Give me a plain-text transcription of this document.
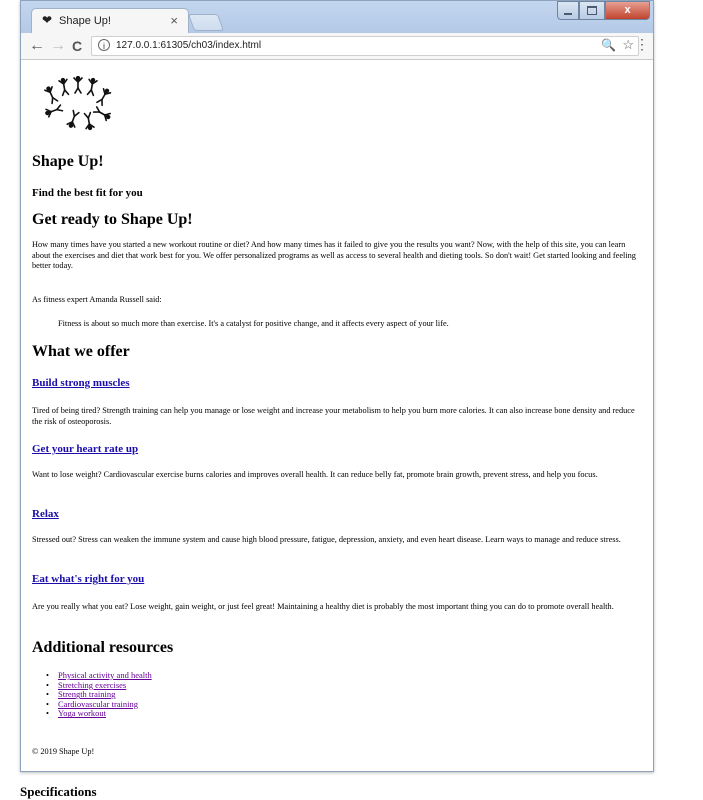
❤ Shape Up!	×
x
← → C	i	127.0.0.1:61305/ch03/index.html	🔍 ☆ ⋮
Shape Up!
Find the best fit for you
Get ready to Shape Up!

How many times have you started a new workout routine or diet? And how many times has it failed to give you the results you want? Now, with the help of this site, you can learn about the exercises and diet that work best for you. We offer personalized programs as well as access to several health and dieting tools. So don't wait! Get started looking and feeling better today.

As fitness expert Amanda Russell said:

Fitness is about so much more than exercise. It's a catalyst for positive change, and it affects every aspect of your life.
What we offer
Build strong muscles

Tired of being tired? Strength training can help you manage or lose weight and increase your metabolism to help you burn more calories. It can also increase bone density and reduce the risk of osteoporosis.

Get your heart rate up

Want to lose weight? Cardiovascular exercise burns calories and improves overall health. It can reduce belly fat, promote brain growth, prevent stress, and help you focus.

Relax

Stressed out? Stress can weaken the immune system and cause high blood pressure, fatigue, depression, anxiety, and even heart disease. Learn ways to manage and reduce stress.

Eat what's right for you

Are you really what you eat? Lose weight, gain weight, or just feel great! Maintaining a healthy diet is probably the most important thing you can do to promote overall health.

Additional resources
• Physical activity and health
• Stretching exercises
• Strength training
• Cardiovascular training
• Yoga workout
© 2019 Shape Up!
Specifications
